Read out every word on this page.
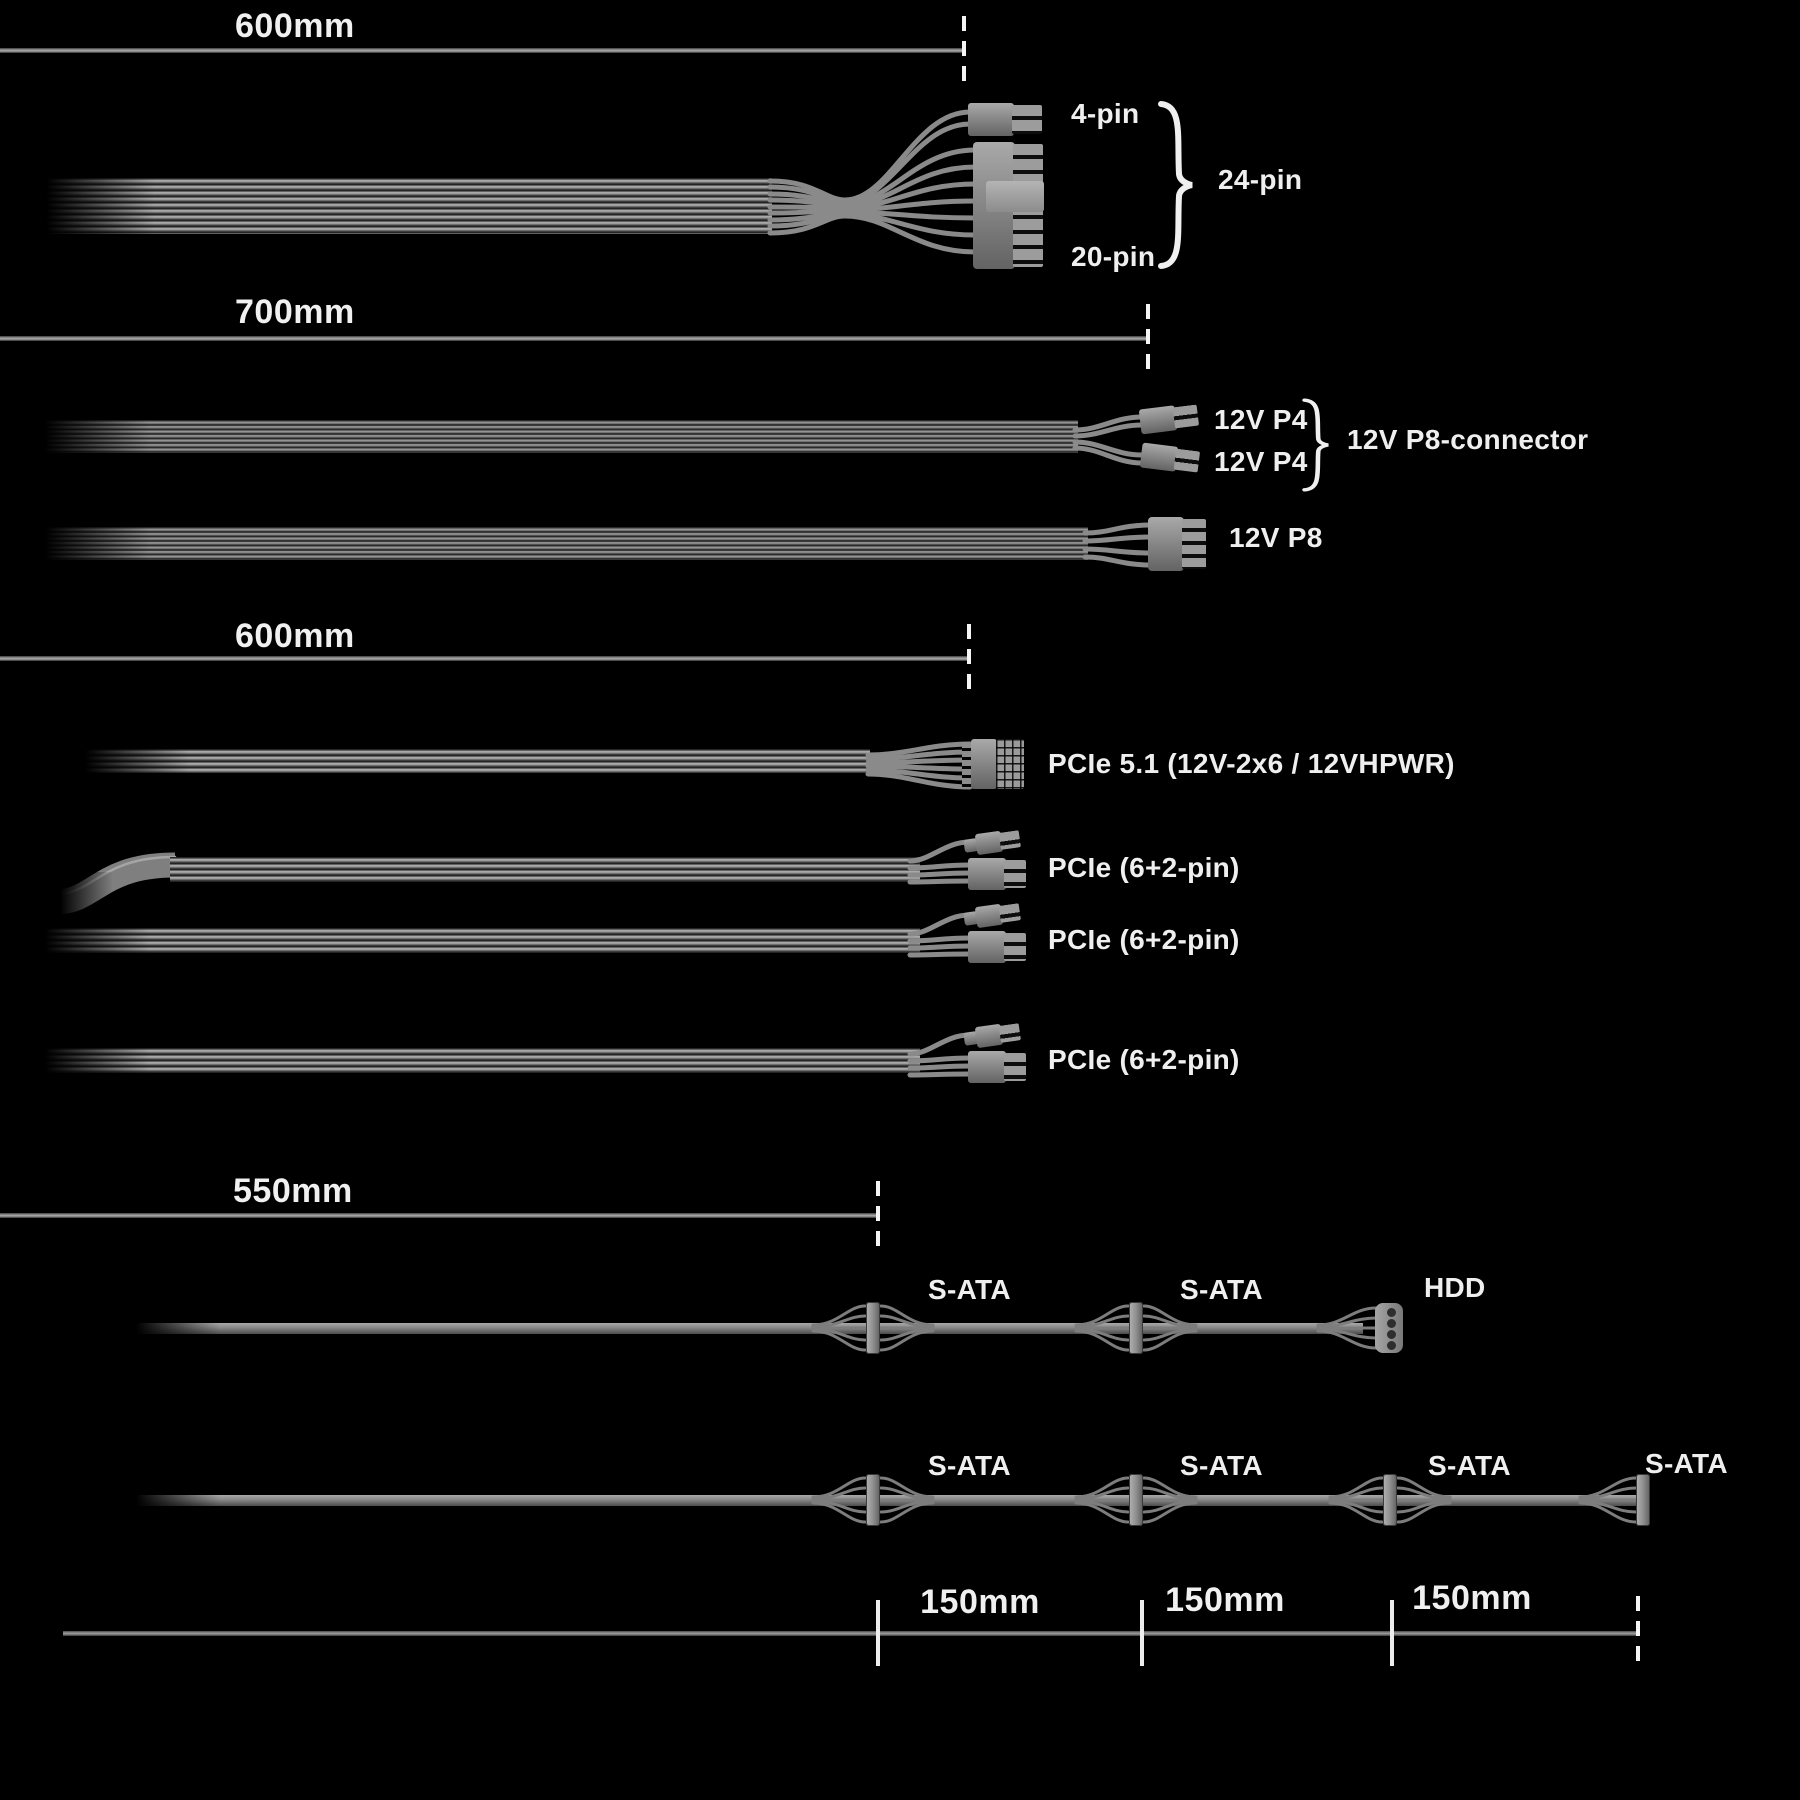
600mm
4-pin
20-pin
24-pin
700mm
12V P4
12V P4
12V P8-connector
12V P8
600mm
PCIe 5.1 (12V-2x6 / 12VHPWR)
PCIe (6+2-pin)
PCIe (6+2-pin)
PCIe (6+2-pin)
550mm
S-ATA	S-ATA	HDD
S-ATA	S-ATA	S-ATA	S-ATA
150mm	150mm	150mm
